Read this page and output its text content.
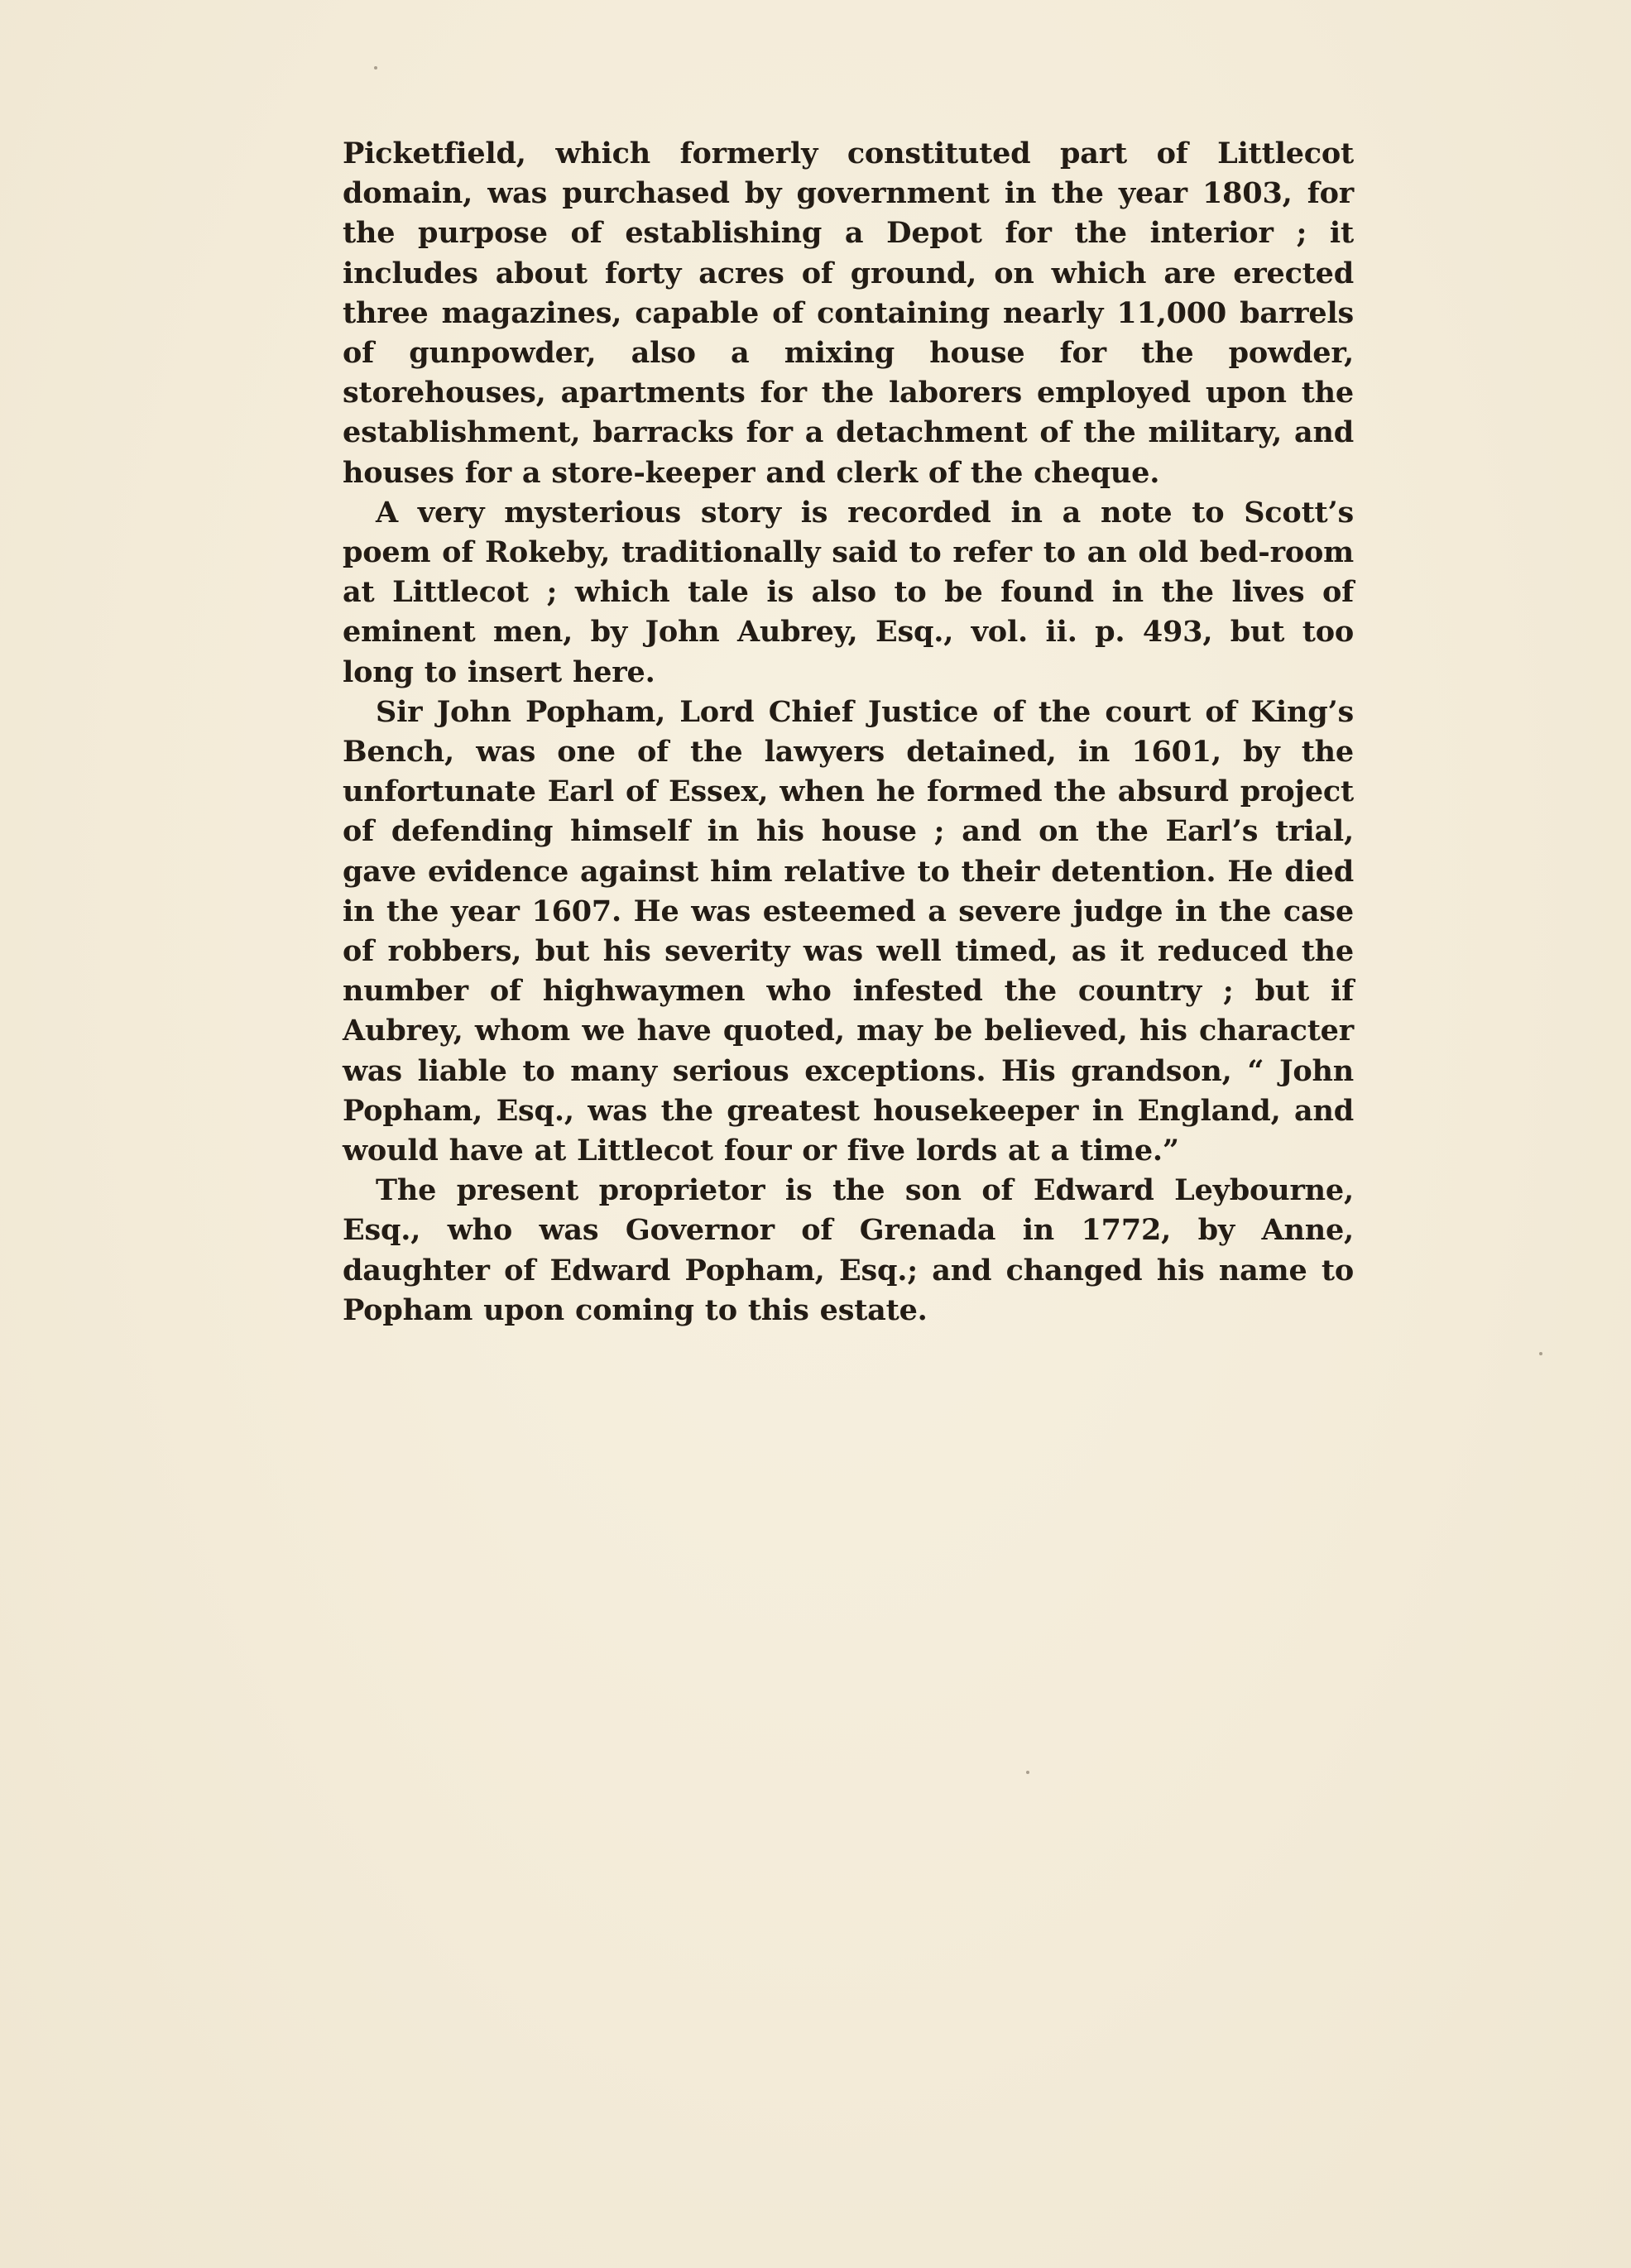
Picketfield, which formerly constituted part of Littlecot domain, was purchased by government in the year 1803, for the purpose of establishing a Depot for the interior ; it includes about forty acres of ground, on which are erected three magazines, capable of containing nearly 11,000 barrels of gunpowder, also a mixing house for the powder, storehouses, apartments for the laborers employed upon the establishment, barracks for a detachment of the military, and houses for a store-keeper and clerk of the cheque.

A very mysterious story is recorded in a note to Scott’s poem of Rokeby, traditionally said to refer to an old bed-room at Littlecot ; which tale is also to be found in the lives of eminent men, by John Aubrey, Esq., vol. ii. p. 493, but too long to insert here.

Sir John Popham, Lord Chief Justice of the court of King’s Bench, was one of the lawyers detained, in 1601, by the unfortunate Earl of Essex, when he formed the absurd project of defending himself in his house ; and on the Earl’s trial, gave evidence against him relative to their detention. He died in the year 1607. He was esteemed a severe judge in the case of robbers, but his severity was well timed, as it reduced the number of highwaymen who infested the country ; but if Aubrey, whom we have quoted, may be believed, his character was liable to many serious exceptions. His grandson, “ John Popham, Esq., was the greatest housekeeper in England, and would have at Littlecot four or five lords at a time.”

The present proprietor is the son of Edward Leybourne, Esq., who was Governor of Grenada in 1772, by Anne, daughter of Edward Popham, Esq.; and changed his name to Popham upon coming to this estate.
